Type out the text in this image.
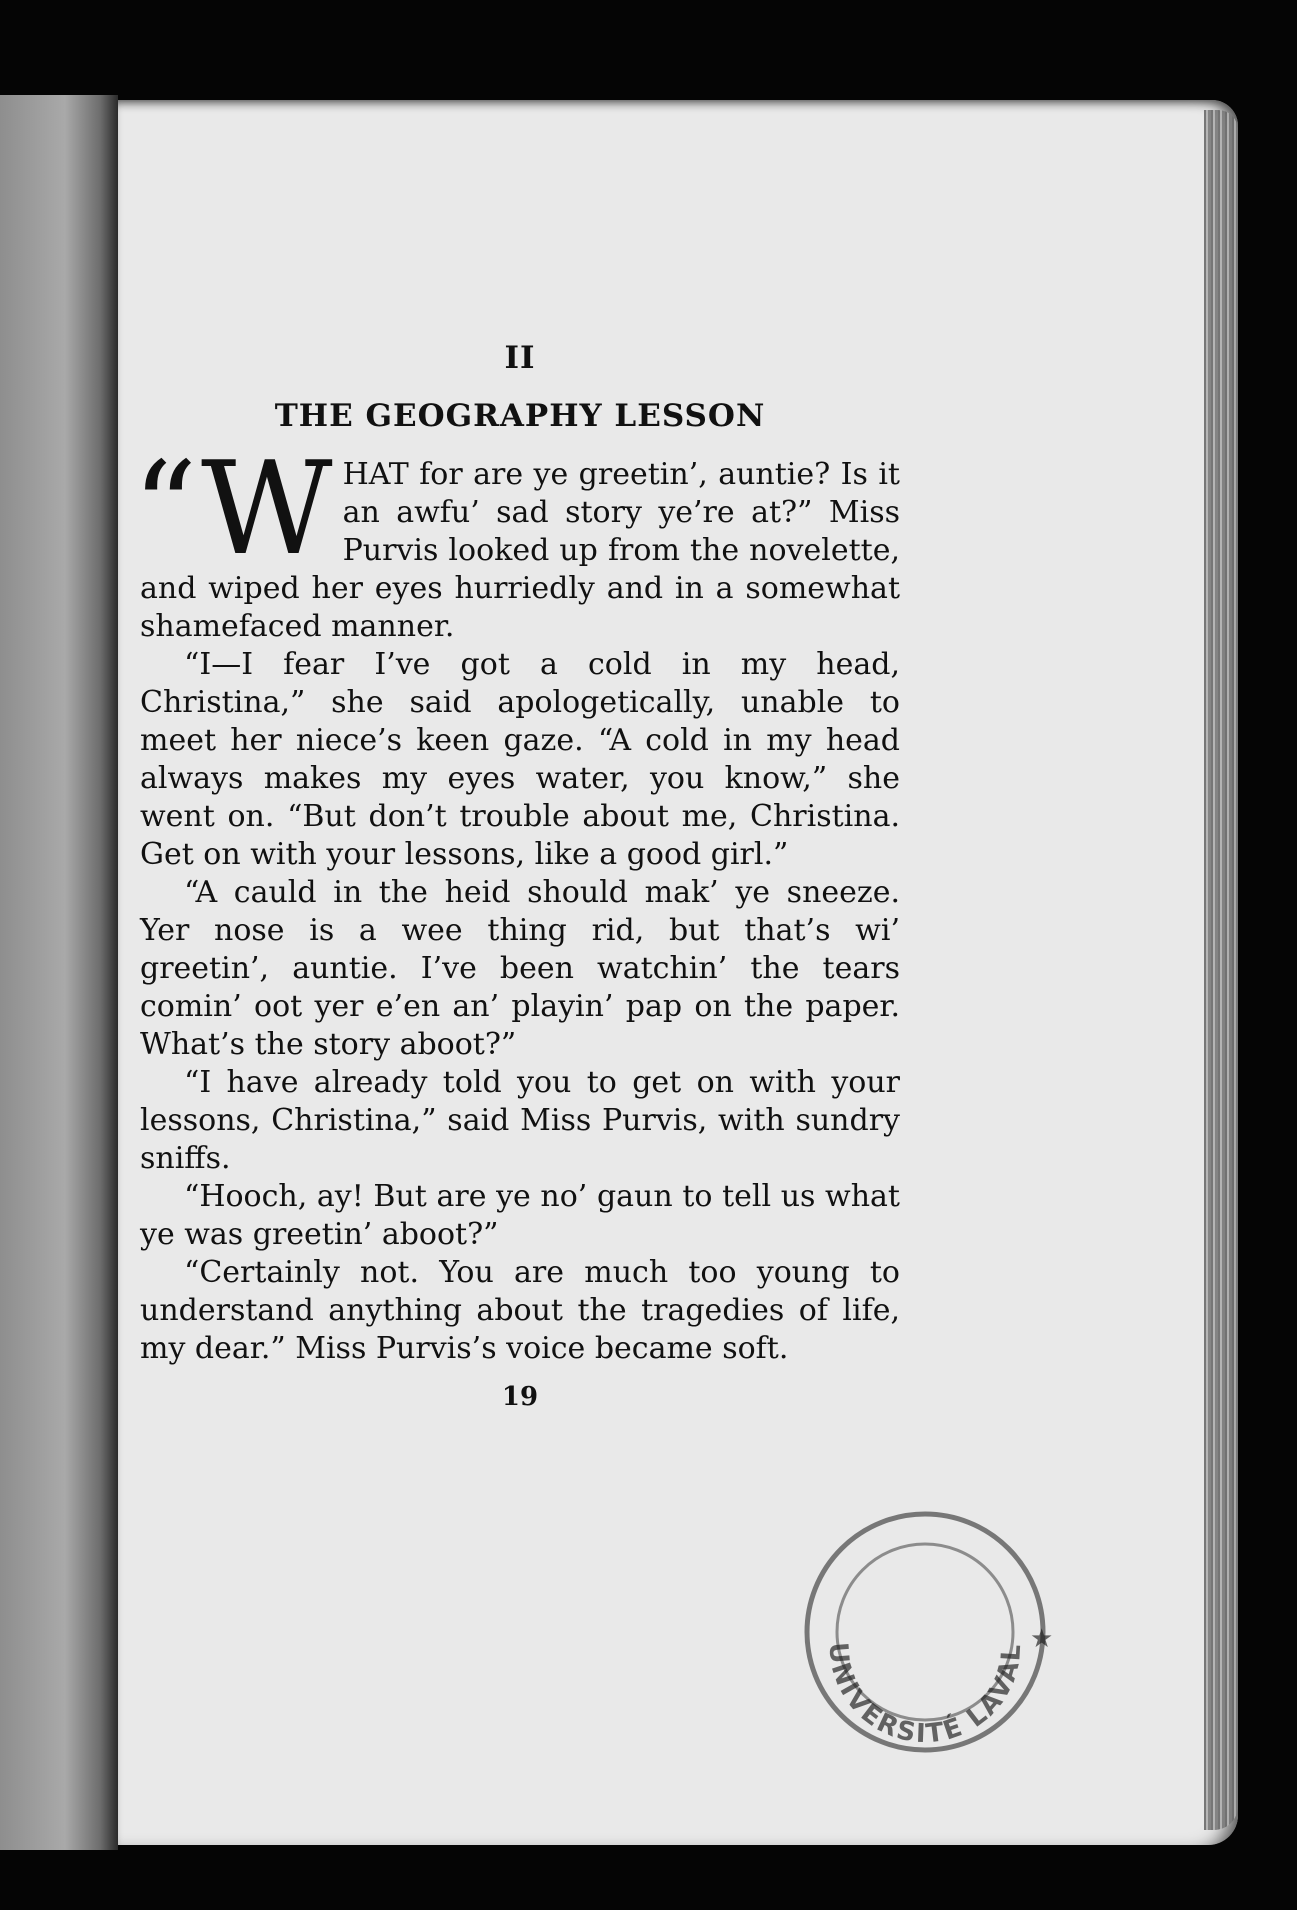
II
THE GEOGRAPHY LESSON

“W HAT for are ye greetin’, auntie? Is it an awfu’ sad story ye’re at?” Miss Purvis looked up from the novelette, and wiped her eyes hurriedly and in a somewhat shamefaced manner.

“I—I fear I’ve got a cold in my head, Christina,” she said apologetically, unable to meet her niece’s keen gaze. “A cold in my head always makes my eyes water, you know,” she went on. “But don’t trouble about me, Christina. Get on with your lessons, like a good girl.”

“A cauld in the heid should mak’ ye sneeze. Yer nose is a wee thing rid, but that’s wi’ greetin’, auntie. I’ve been watchin’ the tears comin’ oot yer e’en an’ playin’ pap on the paper. What’s the story aboot?”

“I have already told you to get on with your lessons, Christina,” said Miss Purvis, with sundry sniffs.

“Hooch, ay! But are ye no’ gaun to tell us what ye was greetin’ aboot?”

“Certainly not. You are much too young to understand anything about the tragedies of life, my dear.” Miss Purvis’s voice became soft.

19
UNIVERSITÉ LAVAL ★
